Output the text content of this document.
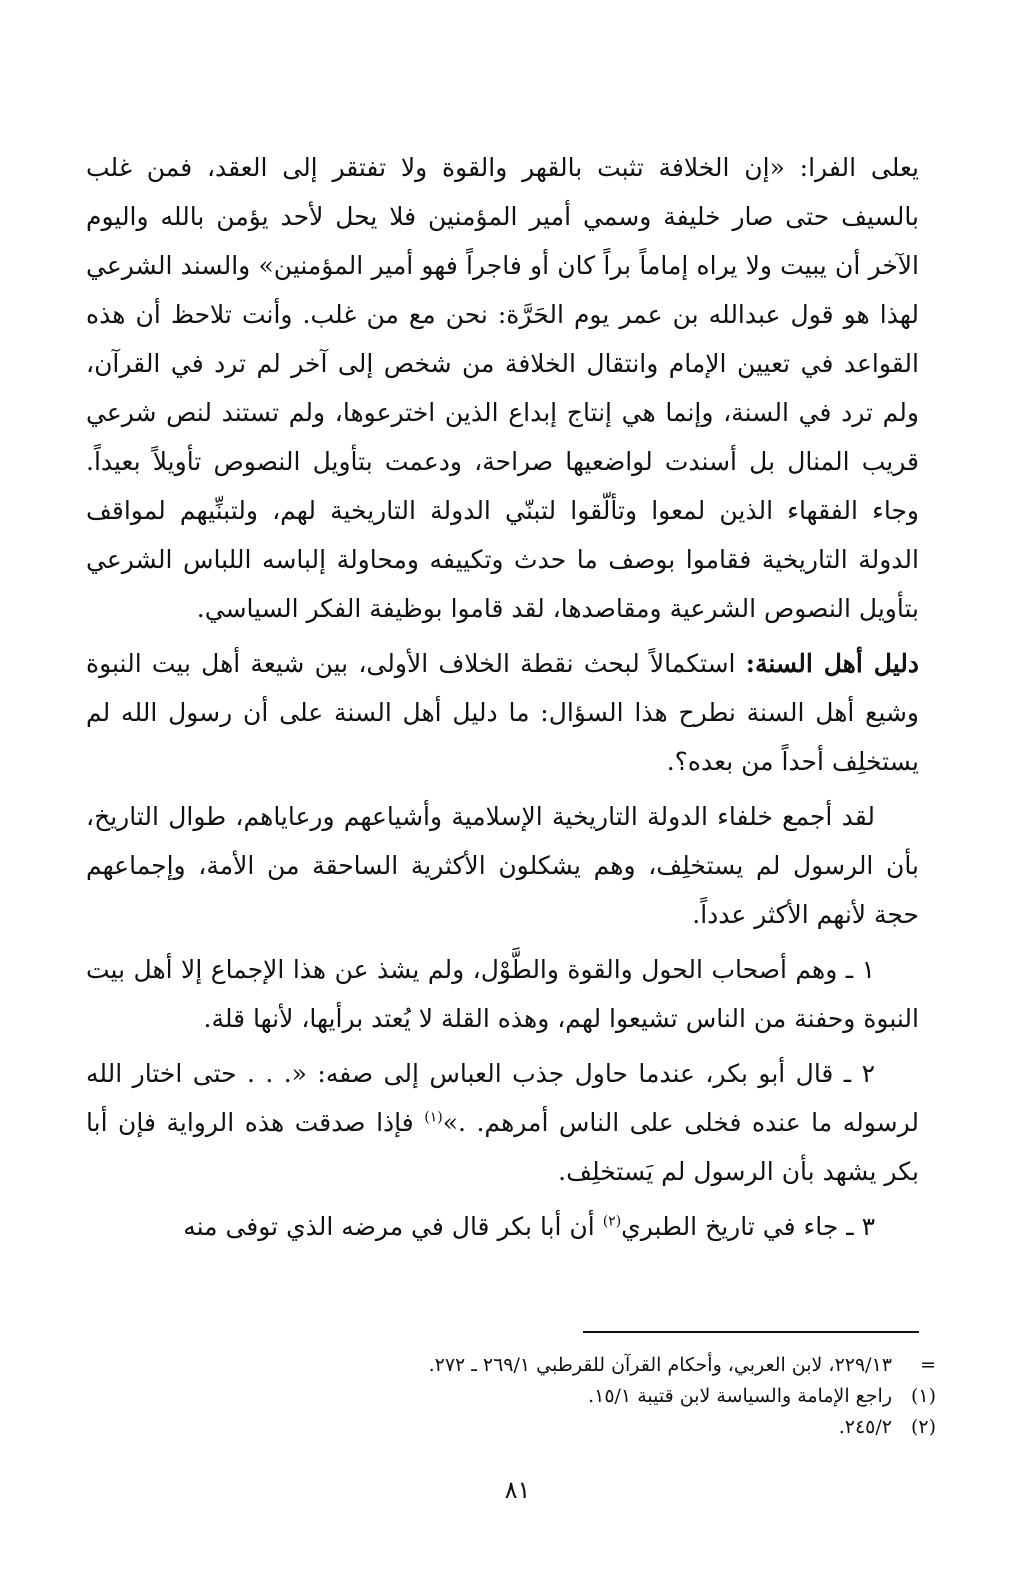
يعلى الفرا: «إن الخلافة تثبت بالقهر والقوة ولا تفتقر إلى العقد، فمن غلب بالسيف حتى صار خليفة وسمي أمير المؤمنين فلا يحل لأحد يؤمن بالله واليوم الآخر أن يبيت ولا يراه إماماً براً كان أو فاجراً فهو أمير المؤمنين» والسند الشرعي لهذا هو قول عبدالله بن عمر يوم الحَرَّة: نحن مع من غلب. وأنت تلاحظ أن هذه القواعد في تعيين الإمام وانتقال الخلافة من شخص إلى آخر لم ترد في القرآن، ولم ترد في السنة، وإنما هي إنتاج إبداع الذين اخترعوها، ولم تستند لنص شرعي قريب المنال بل أسندت لواضعيها صراحة، ودعمت بتأويل النصوص تأويلاً بعيداً. وجاء الفقهاء الذين لمعوا وتألّقوا لتبنّي الدولة التاريخية لهم، ولتبنِّيهم لمواقف الدولة التاريخية فقاموا بوصف ما حدث وتكييفه ومحاولة إلباسه اللباس الشرعي بتأويل النصوص الشرعية ومقاصدها، لقد قاموا بوظيفة الفكر السياسي.

دليل أهل السنة: استكمالاً لبحث نقطة الخلاف الأولى، بين شيعة أهل بيت النبوة وشيع أهل السنة نطرح هذا السؤال: ما دليل أهل السنة على أن رسول الله لم يستخلِف أحداً من بعده؟.

لقد أجمع خلفاء الدولة التاريخية الإسلامية وأشياعهم ورعاياهم، طوال التاريخ، بأن الرسول لم يستخلِف، وهم يشكلون الأكثرية الساحقة من الأمة، وإجماعهم حجة لأنهم الأكثر عدداً.

١ ـ وهم أصحاب الحول والقوة والطَّوْل، ولم يشذ عن هذا الإجماع إلا أهل بيت النبوة وحفنة من الناس تشيعوا لهم، وهذه القلة لا يُعتد برأيها، لأنها قلة.

٢ ـ قال أبو بكر، عندما حاول جذب العباس إلى صفه: «. . . حتى اختار الله لرسوله ما عنده فخلى على الناس أمرهم. .»$^{(١)}$ فإذا صدقت هذه الرواية فإن أبا بكر يشهد بأن الرسول لم يَستخلِف.

٣ ـ جاء في تاريخ الطبري$^{(٢)}$ أن أبا بكر قال في مرضه الذي توفى منه

=
٢٢٩/١٣، لابن العربي، وأحكام القرآن للقرطبي ٢٦٩/١ ـ ٢٧٢.
(١)
راجع الإمامة والسياسة لابن قتيبة ١٥/١.
(٢)
٢٤٥/٢.
٨١
